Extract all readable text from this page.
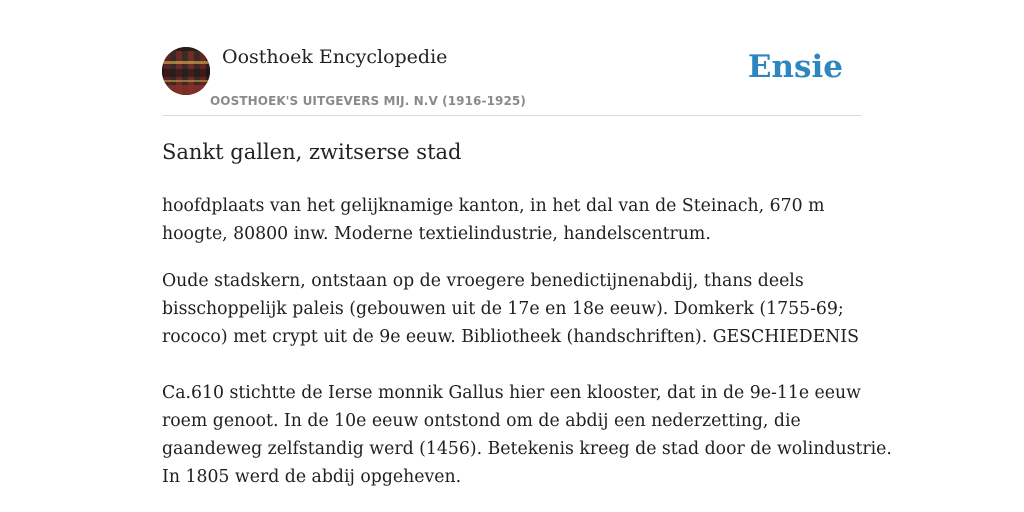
Oosthoek Encyclopedie
OOSTHOEK'S UITGEVERS MIJ. N.V (1916-1925)
Ensie
Sankt gallen, zwitserse stad

hoofdplaats van het gelijknamige kanton, in het dal van de Steinach, 670 m
hoogte, 80800 inw. Moderne textielindustrie, handelscentrum.

Oude stadskern, ontstaan op de vroegere benedictijnenabdij, thans deels
bisschoppelijk paleis (gebouwen uit de 17e en 18e eeuw). Domkerk (1755-69;
rococo) met crypt uit de 9e eeuw. Bibliotheek (handschriften). GESCHIEDENIS

Ca.610 stichtte de Ierse monnik Gallus hier een klooster, dat in de 9e-11e eeuw
roem genoot. In de 10e eeuw ontstond om de abdij een nederzetting, die
gaandeweg zelfstandig werd (1456). Betekenis kreeg de stad door de wolindustrie.
In 1805 werd de abdij opgeheven.
